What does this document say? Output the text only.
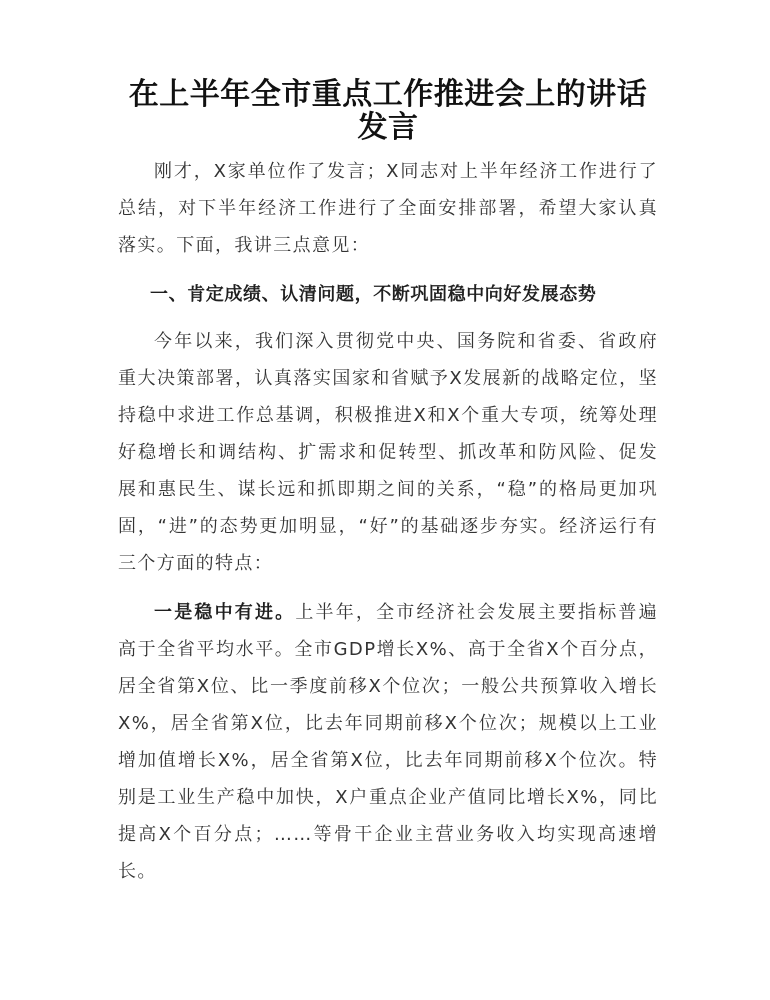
在上半年全市重点工作推进会上的讲话发言

刚才，X家单位作了发言；X同志对上半年经济工作进行了总结，对下半年经济工作进行了全面安排部署，希望大家认真落实。下面，我讲三点意见：

一、肯定成绩、认清问题，不断巩固稳中向好发展态势

今年以来，我们深入贯彻党中央、国务院和省委、省政府重大决策部署，认真落实国家和省赋予X发展新的战略定位，坚持稳中求进工作总基调，积极推进X和X个重大专项，统筹处理好稳增长和调结构、扩需求和促转型、抓改革和防风险、促发展和惠民生、谋长远和抓即期之间的关系，“稳”的格局更加巩固，“进”的态势更加明显，“好”的基础逐步夯实。经济运行有三个方面的特点：

一是稳中有进。上半年，全市经济社会发展主要指标普遍高于全省平均水平。全市GDP增长X%、高于全省X个百分点，居全省第X位、比一季度前移X个位次；一般公共预算收入增长X%，居全省第X位，比去年同期前移X个位次；规模以上工业增加值增长X%，居全省第X位，比去年同期前移X个位次。特别是工业生产稳中加快，X户重点企业产值同比增长X%，同比提高X个百分点；……等骨干企业主营业务收入均实现高速增长。
